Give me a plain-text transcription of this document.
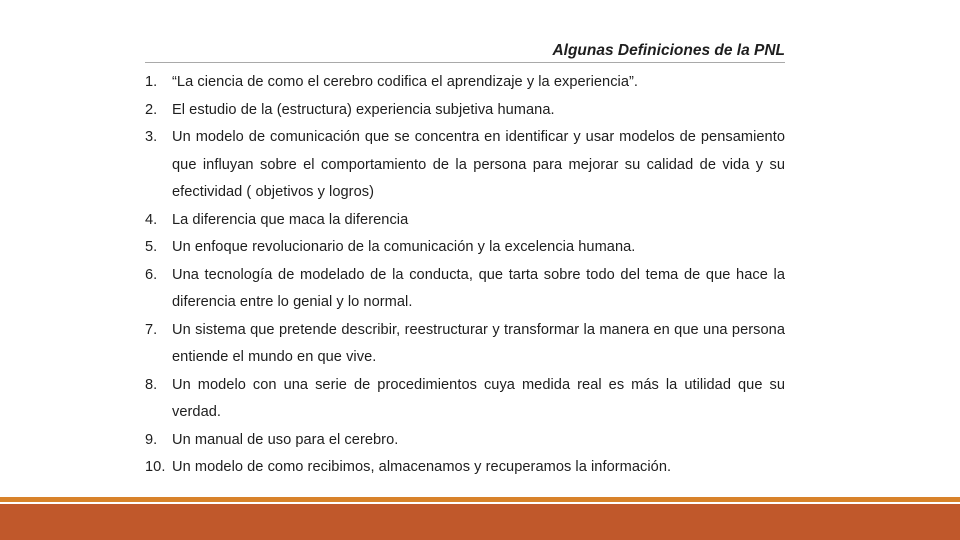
Algunas Definiciones de la PNL
1.	“La ciencia de como el cerebro codifica el aprendizaje y la experiencia”.
2.	El estudio de la (estructura) experiencia subjetiva humana.
3.	Un modelo de comunicación que se concentra en identificar y usar modelos de pensamiento que influyan sobre el comportamiento de la persona para mejorar su calidad de vida y su efectividad ( objetivos y logros)
4.	La diferencia que maca la diferencia
5.	Un enfoque revolucionario de la comunicación y la excelencia humana.
6.	Una tecnología de modelado de la conducta, que tarta sobre todo del tema de que hace la diferencia entre lo genial y lo normal.
7.	Un sistema que pretende describir, reestructurar y transformar la manera en que una persona entiende el mundo en que vive.
8.	Un modelo con una serie de procedimientos cuya medida real es más la utilidad que su verdad.
9.	Un manual de uso para el cerebro.
10. Un modelo de como recibimos, almacenamos y recuperamos la información.
